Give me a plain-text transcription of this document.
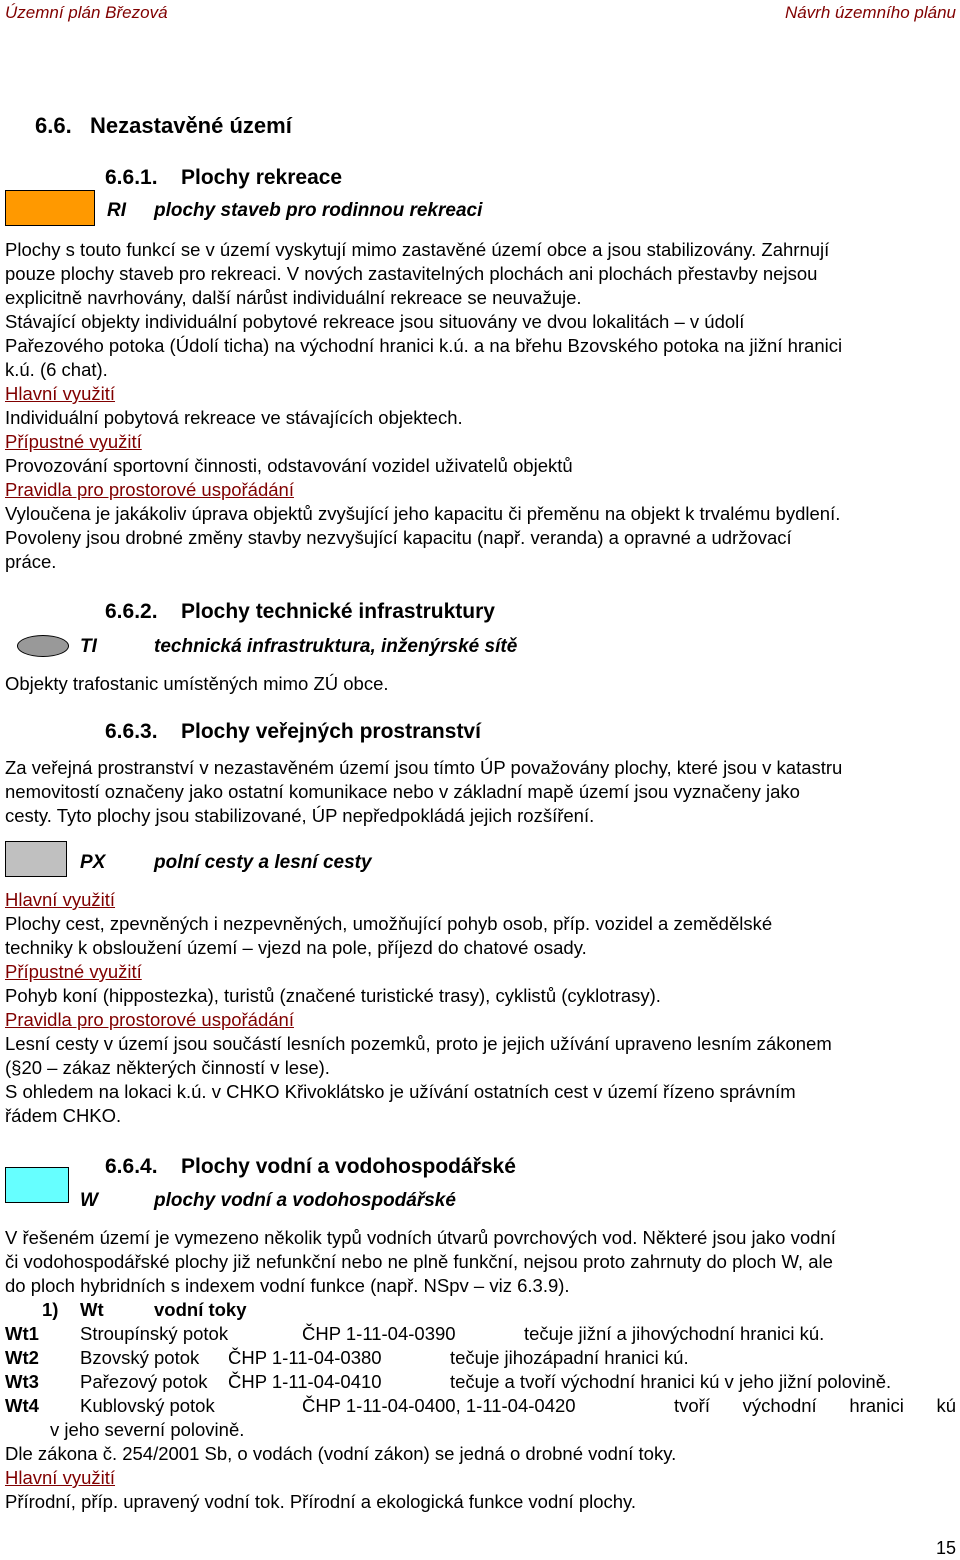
Územní plán Březová	Návrh územního plánu
6.6. Nezastavěné území
6.6.1. Plochy rekreace
RI plochy staveb pro rodinnou rekreaci
Plochy s touto funkcí se v území vyskytují mimo zastavěné území obce a jsou stabilizovány. Zahrnují
pouze plochy staveb pro rekreaci. V nových zastavitelných plochách ani plochách přestavby nejsou
explicitně navrhovány, další nárůst individuální rekreace se neuvažuje.
Stávající objekty individuální pobytové rekreace jsou situovány ve dvou lokalitách – v údolí
Pařezového potoka (Údolí ticha) na východní hranici k.ú. a na břehu Bzovského potoka na jižní hranici
k.ú. (6 chat).
Hlavní využití
Individuální pobytová rekreace ve stávajících objektech.
Přípustné využití
Provozování sportovní činnosti, odstavování vozidel uživatelů objektů
Pravidla pro prostorové uspořádání
Vyloučena je jakákoliv úprava objektů zvyšující jeho kapacitu či přeměnu na objekt k trvalému bydlení.
Povoleny jsou drobné změny stavby nezvyšující kapacitu (např. veranda) a opravné a udržovací
práce.
6.6.2. Plochy technické infrastruktury
TI	technická infrastruktura, inženýrské sítě
Objekty trafostanic umístěných mimo ZÚ obce.
6.6.3. Plochy veřejných prostranství
Za veřejná prostranství v nezastavěném území jsou tímto ÚP považovány plochy, které jsou v katastru
nemovitostí označeny jako ostatní komunikace nebo v základní mapě území jsou vyznačeny jako
cesty. Tyto plochy jsou stabilizované, ÚP nepředpokládá jejich rozšíření.
PX	polní cesty a lesní cesty
Hlavní využití
Plochy cest, zpevněných i nezpevněných, umožňující pohyb osob, příp. vozidel a zemědělské
techniky k obsloužení území – vjezd na pole, příjezd do chatové osady.
Přípustné využití
Pohyb koní (hippostezka), turistů (značené turistické trasy), cyklistů (cyklotrasy).
Pravidla pro prostorové uspořádání
Lesní cesty v území jsou součástí lesních pozemků, proto je jejich užívání upraveno lesním zákonem
(§20 – zákaz některých činností v lese).
S ohledem na lokaci k.ú. v CHKO Křivoklátsko je užívání ostatních cest v území řízeno správním
řádem CHKO.
6.6.4. Plochy vodní a vodohospodářské
W	plochy vodní a vodohospodářské
V řešeném území je vymezeno několik typů vodních útvarů povrchových vod. Některé jsou jako vodní
či vodohospodářské plochy již nefunkční nebo ne plně funkční, nejsou proto zahrnuty do ploch W, ale
do ploch hybridních s indexem vodní funkce (např. NSpv – viz 6.3.9).
1) Wt	vodní toky
Wt1 Stroupínský potok	ČHP 1-11-04-0390	tečuje jižní a jihovýchodní hranici kú.
Wt2 Bzovský potok ČHP 1-11-04-0380	tečuje jihozápadní hranici kú.
Wt3 Pařezový potok ČHP 1-11-04-0410	tečuje a tvoří východní hranici kú v jeho jižní polovině.
Wt4 Kublovský potok	ČHP 1-11-04-0400, 1-11-04-0420	tvoří východní hranici kú
v jeho severní polovině.
Dle zákona č. 254/2001 Sb, o vodách (vodní zákon) se jedná o drobné vodní toky.
Hlavní využití
Přírodní, příp. upravený vodní tok. Přírodní a ekologická funkce vodní plochy.
15
